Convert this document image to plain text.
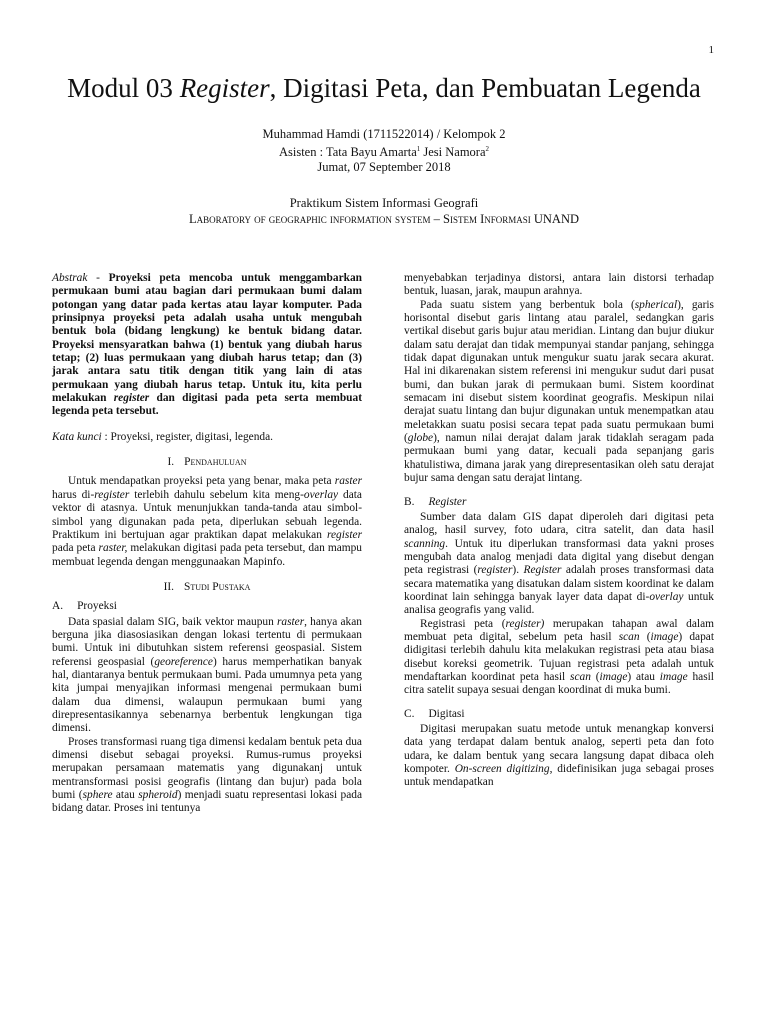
1
Modul 03 Register, Digitasi Peta, dan Pembuatan Legenda
Muhammad Hamdi (1711522014) / Kelompok 2
Asisten : Tata Bayu Amarta$^1$ Jesi Namora$^2$
Jumat, 07 September 2018
Praktikum Sistem Informasi Geografi
Laboratory of geographic information system – Sistem Informasi UNAND

Abstrak - Proyeksi peta mencoba untuk menggambarkan permukaan bumi atau bagian dari permukaan bumi dalam potongan yang datar pada kertas atau layar komputer. Pada prinsipnya proyeksi peta adalah usaha untuk mengubah bentuk bola (bidang lengkung) ke bentuk bidang datar. Proyeksi mensyaratkan bahwa (1) bentuk yang diubah harus tetap; (2) luas permukaan yang diubah harus tetap; dan (3) jarak antara satu titik dengan titik yang lain di atas permukaan yang diubah harus tetap. Untuk itu, kita perlu melakukan register dan digitasi pada peta serta membuat legenda peta tersebut.

Kata kunci : Proyeksi, register, digitasi, legenda.

I. Pendahuluan

Untuk mendapatkan proyeksi peta yang benar, maka peta raster harus di-register terlebih dahulu sebelum kita meng-overlay data vektor di atasnya. Untuk menunjukkan tanda-tanda atau simbol-simbol yang digunakan pada peta, diperlukan sebuah legenda. Praktikum ini bertujuan agar praktikan dapat melakukan register pada peta raster, melakukan digitasi pada peta tersebut, dan mampu membuat legenda dengan menggunaakan Mapinfo.

II. Studi Pustaka
A. Proyeksi

Data spasial dalam SIG, baik vektor maupun raster, hanya akan berguna jika diasosiasikan dengan lokasi tertentu di permukaan bumi. Untuk ini dibutuhkan sistem referensi geospasial. Sistem referensi geospasial (georeference) harus memperhatikan banyak hal, diantaranya bentuk permukaan bumi. Pada umumnya peta yang kita jumpai menyajikan informasi mengenai permukaan bumi dalam dua dimensi, walaupun permukaan bumi yang direpresentasikannya sebenarnya berbentuk lengkungan tiga dimensi.

Proses transformasi ruang tiga dimensi kedalam bentuk peta dua dimensi disebut sebagai proyeksi. Rumus-rumus proyeksi merupakan persamaan matematis yang digunakanj untuk mentransformasi posisi geografis (lintang dan bujur) pada bola bumi (sphere atau spheroid) menjadi suatu representasi lokasi pada bidang datar. Proses ini tentunya

menyebabkan terjadinya distorsi, antara lain distorsi terhadap bentuk, luasan, jarak, maupun arahnya.

Pada suatu sistem yang berbentuk bola (spherical), garis horisontal disebut garis lintang atau paralel, sedangkan garis vertikal disebut garis bujur atau meridian. Lintang dan bujur diukur dalam satu derajat dan tidak mempunyai standar panjang, sehingga tidak dapat digunakan untuk mengukur suatu jarak secara akurat. Hal ini dikarenakan sistem referensi ini mengukur sudut dari pusat bumi, dan bukan jarak di permukaan bumi. Sistem koordinat semacam ini disebut sistem koordinat geografis. Meskipun nilai derajat suatu lintang dan bujur digunakan untuk menempatkan atau meletakkan suatu posisi secara tepat pada suatu permukaan bumi (globe), namun nilai derajat dalam jarak tidaklah seragam pada permukaan bumi yang datar, kecuali pada sepanjang garis khatulistiwa, dimana jarak yang direpresentasikan oleh satu derajat bujur sama dengan satu derajat lintang.

B. Register

Sumber data dalam GIS dapat diperoleh dari digitasi peta analog, hasil survey, foto udara, citra satelit, dan data hasil scanning. Untuk itu diperlukan transformasi data yakni proses mengubah data analog menjadi data digital yang disebut dengan peta registrasi (register). Register adalah proses transformasi data secara matematika yang disatukan dalam sistem koordinat ke dalam koordinat lain sehingga banyak layer data dapat di-overlay untuk analisa geografis yang valid.

Registrasi peta (register) merupakan tahapan awal dalam membuat peta digital, sebelum peta hasil scan (image) dapat didigitasi terlebih dahulu kita melakukan registrasi peta atau biasa disebut koreksi geometrik. Tujuan registrasi peta adalah untuk mendaftarkan koordinat peta hasil scan (image) atau image hasil citra satelit supaya sesuai dengan koordinat di muka bumi.

C. Digitasi

Digitasi merupakan suatu metode untuk menangkap konversi data yang terdapat dalam bentuk analog, seperti peta dan foto udara, ke dalam bentuk yang secara langsung dapat dibaca oleh kompoter. On-screen digitizing, didefinisikan juga sebagai proses untuk mendapatkan
